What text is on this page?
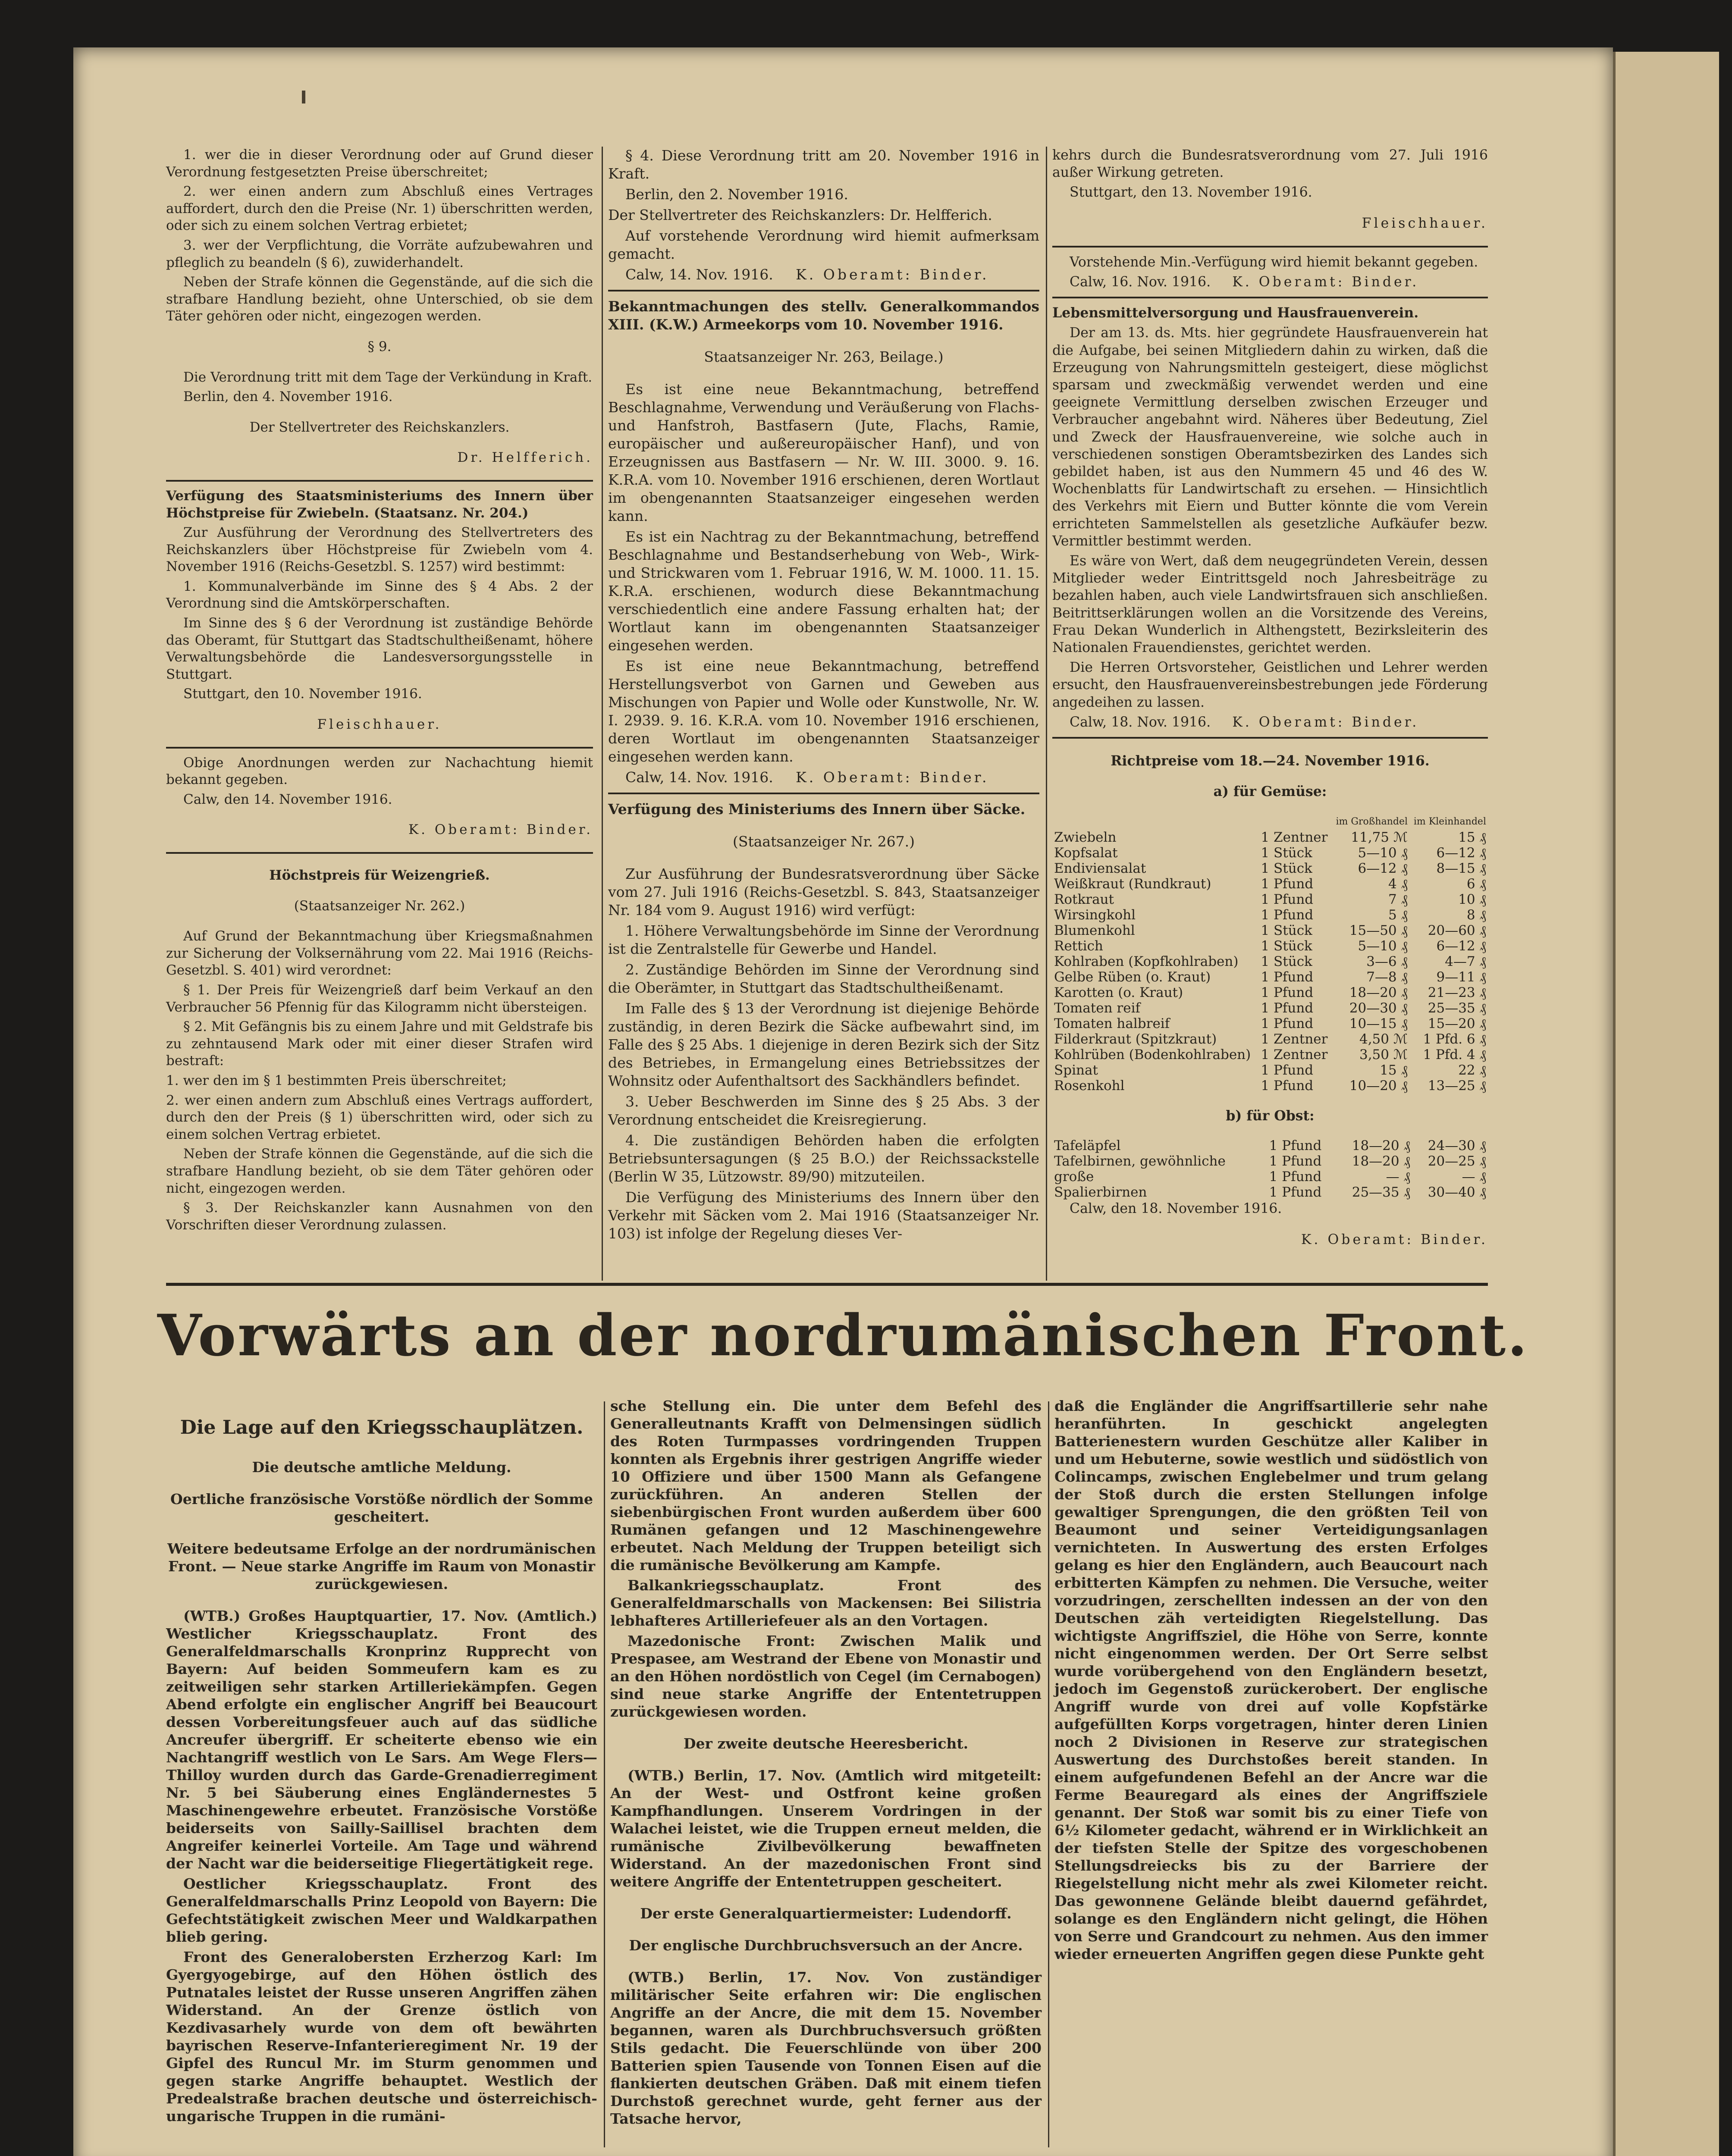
1. wer die in dieser Verordnung oder auf Grund dieser Verordnung festgesetzten Preise überschreitet;

2. wer einen andern zum Abschluß eines Vertrages auffordert, durch den die Preise (Nr. 1) überschritten werden, oder sich zu einem solchen Vertrag erbietet;

3. wer der Verpflichtung, die Vorräte aufzubewahren und pfleglich zu beandeln (§ 6), zuwiderhandelt.

Neben der Strafe können die Gegenstände, auf die sich die strafbare Handlung bezieht, ohne Unterschied, ob sie dem Täter gehören oder nicht, eingezogen werden.

§ 9.

Die Verordnung tritt mit dem Tage der Verkündung in Kraft.

Berlin, den 4. November 1916.

Der Stellvertreter des Reichskanzlers.

Dr. Helfferich.

Verfügung des Staatsministeriums des Innern über Höchstpreise für Zwiebeln. (Staatsanz. Nr. 204.)

Zur Ausführung der Verordnung des Stellvertreters des Reichskanzlers über Höchstpreise für Zwiebeln vom 4. November 1916 (Reichs-Gesetzbl. S. 1257) wird bestimmt:

1. Kommunalverbände im Sinne des § 4 Abs. 2 der Verordnung sind die Amtskörperschaften.

Im Sinne des § 6 der Verordnung ist zuständige Behörde das Oberamt, für Stuttgart das Stadtschultheißenamt, höhere Verwaltungsbehörde die Landesversorgungsstelle in Stuttgart.

Stuttgart, den 10. November 1916.

Fleischhauer.

Obige Anordnungen werden zur Nachachtung hiemit bekannt gegeben.

Calw, den 14. November 1916.

K. Oberamt: Binder.

Höchstpreis für Weizengrieß.

(Staatsanzeiger Nr. 262.)

Auf Grund der Bekanntmachung über Kriegsmaßnahmen zur Sicherung der Volksernährung vom 22. Mai 1916 (Reichs-Gesetzbl. S. 401) wird verordnet:

§ 1. Der Preis für Weizengrieß darf beim Verkauf an den Verbraucher 56 Pfennig für das Kilogramm nicht übersteigen.

§ 2. Mit Gefängnis bis zu einem Jahre und mit Geldstrafe bis zu zehntausend Mark oder mit einer dieser Strafen wird bestraft:

1. wer den im § 1 bestimmten Preis überschreitet;

2. wer einen andern zum Abschluß eines Vertrags auffordert, durch den der Preis (§ 1) überschritten wird, oder sich zu einem solchen Vertrag erbietet.

Neben der Strafe können die Gegenstände, auf die sich die strafbare Handlung bezieht, ob sie dem Täter gehören oder nicht, eingezogen werden.

§ 3. Der Reichskanzler kann Ausnahmen von den Vorschriften dieser Verordnung zulassen.

§ 4. Diese Verordnung tritt am 20. November 1916 in Kraft.

Berlin, den 2. November 1916.

Der Stellvertreter des Reichskanzlers: Dr. Helfferich.

Auf vorstehende Verordnung wird hiemit aufmerksam gemacht.

Calw, 14. Nov. 1916. K. Oberamt: Binder.

Bekanntmachungen des stellv. Generalkommandos XIII. (K.W.) Armeekorps vom 10. November 1916.

Staatsanzeiger Nr. 263, Beilage.)

Es ist eine neue Bekanntmachung, betreffend Beschlagnahme, Verwendung und Veräußerung von Flachs- und Hanfstroh, Bastfasern (Jute, Flachs, Ramie, europäischer und außereuropäischer Hanf), und von Erzeugnissen aus Bastfasern — Nr. W. III. 3000. 9. 16. K.R.A. vom 10. November 1916 erschienen, deren Wortlaut im obengenannten Staatsanzeiger eingesehen werden kann.

Es ist ein Nachtrag zu der Bekanntmachung, betreffend Beschlagnahme und Bestandserhebung von Web-, Wirk- und Strickwaren vom 1. Februar 1916, W. M. 1000. 11. 15. K.R.A. erschienen, wodurch diese Bekanntmachung verschiedentlich eine andere Fassung erhalten hat; der Wortlaut kann im obengenannten Staatsanzeiger eingesehen werden.

Es ist eine neue Bekanntmachung, betreffend Herstellungsverbot von Garnen und Geweben aus Mischungen von Papier und Wolle oder Kunstwolle, Nr. W. I. 2939. 9. 16. K.R.A. vom 10. November 1916 erschienen, deren Wortlaut im obengenannten Staatsanzeiger eingesehen werden kann.

Calw, 14. Nov. 1916. K. Oberamt: Binder.

Verfügung des Ministeriums des Innern über Säcke.

(Staatsanzeiger Nr. 267.)

Zur Ausführung der Bundesratsverordnung über Säcke vom 27. Juli 1916 (Reichs-Gesetzbl. S. 843, Staatsanzeiger Nr. 184 vom 9. August 1916) wird verfügt:

1. Höhere Verwaltungsbehörde im Sinne der Verordnung ist die Zentralstelle für Gewerbe und Handel.

2. Zuständige Behörden im Sinne der Verordnung sind die Oberämter, in Stuttgart das Stadtschultheißenamt.

Im Falle des § 13 der Verordnung ist diejenige Behörde zuständig, in deren Bezirk die Säcke aufbewahrt sind, im Falle des § 25 Abs. 1 diejenige in deren Bezirk sich der Sitz des Betriebes, in Ermangelung eines Betriebssitzes der Wohnsitz oder Aufenthaltsort des Sackhändlers befindet.

3. Ueber Beschwerden im Sinne des § 25 Abs. 3 der Verordnung entscheidet die Kreisregierung.

4. Die zuständigen Behörden haben die erfolgten Betriebsuntersagungen (§ 25 B.O.) der Reichssackstelle (Berlin W 35, Lützowstr. 89/90) mitzuteilen.

Die Verfügung des Ministeriums des Innern über den Verkehr mit Säcken vom 2. Mai 1916 (Staatsanzeiger Nr. 103) ist infolge der Regelung dieses Ver-

kehrs durch die Bundesratsverordnung vom 27. Juli 1916 außer Wirkung getreten.

Stuttgart, den 13. November 1916.

Fleischhauer.

Vorstehende Min.-Verfügung wird hiemit bekannt gegeben.

Calw, 16. Nov. 1916. K. Oberamt: Binder.

Lebensmittelversorgung und Hausfrauenverein.

Der am 13. ds. Mts. hier gegründete Hausfrauenverein hat die Aufgabe, bei seinen Mitgliedern dahin zu wirken, daß die Erzeugung von Nahrungsmitteln gesteigert, diese möglichst sparsam und zweckmäßig verwendet werden und eine geeignete Vermittlung derselben zwischen Erzeuger und Verbraucher angebahnt wird. Näheres über Bedeutung, Ziel und Zweck der Hausfrauenvereine, wie solche auch in verschiedenen sonstigen Oberamtsbezirken des Landes sich gebildet haben, ist aus den Nummern 45 und 46 des W. Wochenblatts für Landwirtschaft zu ersehen. — Hinsichtlich des Verkehrs mit Eiern und Butter könnte die vom Verein errichteten Sammelstellen als gesetzliche Aufkäufer bezw. Vermittler bestimmt werden.

Es wäre von Wert, daß dem neugegründeten Verein, dessen Mitglieder weder Eintrittsgeld noch Jahresbeiträge zu bezahlen haben, auch viele Landwirtsfrauen sich anschließen. Beitrittserklärungen wollen an die Vorsitzende des Vereins, Frau Dekan Wunderlich in Althengstett, Bezirksleiterin des Nationalen Frauendienstes, gerichtet werden.

Die Herren Ortsvorsteher, Geistlichen und Lehrer werden ersucht, den Hausfrauenvereinsbestrebungen jede Förderung angedeihen zu lassen.

Calw, 18. Nov. 1916. K. Oberamt: Binder.

Richtpreise vom 18.—24. November 1916.

a) für Gemüse:

		im Großhandel	im Kleinhandel
Zwiebeln	1 Zentner	11,75 ℳ	15 ₰
Kopfsalat	1 Stück	5—10 ₰	6—12 ₰
Endiviensalat	1 Stück	6—12 ₰	8—15 ₰
Weißkraut (Rundkraut)	1 Pfund	4 ₰	6 ₰
Rotkraut	1 Pfund	7 ₰	10 ₰
Wirsingkohl	1 Pfund	5 ₰	8 ₰
Blumenkohl	1 Stück	15—50 ₰	20—60 ₰
Rettich	1 Stück	5—10 ₰	6—12 ₰
Kohlraben (Kopfkohlraben)	1 Stück	3—6 ₰	4—7 ₰
Gelbe Rüben (o. Kraut)	1 Pfund	7—8 ₰	9—11 ₰
Karotten (o. Kraut)	1 Pfund	18—20 ₰	21—23 ₰
Tomaten reif	1 Pfund	20—30 ₰	25—35 ₰
Tomaten halbreif	1 Pfund	10—15 ₰	15—20 ₰
Filderkraut (Spitzkraut)	1 Zentner	4,50 ℳ	1 Pfd. 6 ₰
Kohlrüben (Bodenkohlraben)	1 Zentner	3,50 ℳ	1 Pfd. 4 ₰
Spinat	1 Pfund	15 ₰	22 ₰
Rosenkohl	1 Pfund	10—20 ₰	13—25 ₰

b) für Obst:

Tafeläpfel	1 Pfund	18—20 ₰	24—30 ₰
Tafelbirnen, gewöhnliche	1 Pfund	18—20 ₰	20—25 ₰
große	1 Pfund	— ₰	— ₰
Spalierbirnen	1 Pfund	25—35 ₰	30—40 ₰

Calw, den 18. November 1916.

K. Oberamt: Binder.

Vorwärts an der nordrumänischen Front.

Die Lage auf den Kriegsschauplätzen.

Die deutsche amtliche Meldung.

Oertliche französische Vorstöße nördlich der Somme gescheitert.

Weitere bedeutsame Erfolge an der nordrumänischen Front. — Neue starke Angriffe im Raum von Monastir zurückgewiesen.

(WTB.) Großes Hauptquartier, 17. Nov. (Amtlich.) Westlicher Kriegsschauplatz. Front des Generalfeldmarschalls Kronprinz Rupprecht von Bayern: Auf beiden Sommeufern kam es zu zeitweiligen sehr starken Artilleriekämpfen. Gegen Abend erfolgte ein englischer Angriff bei Beaucourt dessen Vorbereitungsfeuer auch auf das südliche Ancreufer übergriff. Er scheiterte ebenso wie ein Nachtangriff westlich von Le Sars. Am Wege Flers—Thilloy wurden durch das Garde-Grenadierregiment Nr. 5 bei Säuberung eines Engländernestes 5 Maschinengewehre erbeutet. Französische Vorstöße beiderseits von Sailly-Saillisel brachten dem Angreifer keinerlei Vorteile. Am Tage und während der Nacht war die beiderseitige Fliegertätigkeit rege.

Oestlicher Kriegsschauplatz. Front des Generalfeldmarschalls Prinz Leopold von Bayern: Die Gefechtstätigkeit zwischen Meer und Waldkarpathen blieb gering.

Front des Generalobersten Erzherzog Karl: Im Gyergyogebirge, auf den Höhen östlich des Putnatales leistet der Russe unseren Angriffen zähen Widerstand. An der Grenze östlich von Kezdivasarhely wurde von dem oft bewährten bayrischen Reserve-Infanterieregiment Nr. 19 der Gipfel des Runcul Mr. im Sturm genommen und gegen starke Angriffe behauptet. Westlich der Predealstraße brachen deutsche und österreichisch-ungarische Truppen in die rumäni-

sche Stellung ein. Die unter dem Befehl des Generalleutnants Krafft von Delmensingen südlich des Roten Turmpasses vordringenden Truppen konnten als Ergebnis ihrer gestrigen Angriffe wieder 10 Offiziere und über 1500 Mann als Gefangene zurückführen. An anderen Stellen der siebenbürgischen Front wurden außerdem über 600 Rumänen gefangen und 12 Maschinengewehre erbeutet. Nach Meldung der Truppen beteiligt sich die rumänische Bevölkerung am Kampfe.

Balkankriegsschauplatz. Front des Generalfeldmarschalls von Mackensen: Bei Silistria lebhafteres Artilleriefeuer als an den Vortagen.

Mazedonische Front: Zwischen Malik und Prespasee, am Westrand der Ebene von Monastir und an den Höhen nordöstlich von Cegel (im Cernabogen) sind neue starke Angriffe der Ententetruppen zurückgewiesen worden.

Der zweite deutsche Heeresbericht.

(WTB.) Berlin, 17. Nov. (Amtlich wird mitgeteilt: An der West- und Ostfront keine großen Kampfhandlungen. Unserem Vordringen in der Walachei leistet, wie die Truppen erneut melden, die rumänische Zivilbevölkerung bewaffneten Widerstand. An der mazedonischen Front sind weitere Angriffe der Ententetruppen gescheitert.

Der erste Generalquartiermeister: Ludendorff.

Der englische Durchbruchsversuch an der Ancre.

(WTB.) Berlin, 17. Nov. Von zuständiger militärischer Seite erfahren wir: Die englischen Angriffe an der Ancre, die mit dem 15. November begannen, waren als Durchbruchsversuch größten Stils gedacht. Die Feuerschlünde von über 200 Batterien spien Tausende von Tonnen Eisen auf die flankierten deutschen Gräben. Daß mit einem tiefen Durchstoß gerechnet wurde, geht ferner aus der Tatsache hervor,

daß die Engländer die Angriffsartillerie sehr nahe heranführten. In geschickt angelegten Batterienestern wurden Geschütze aller Kaliber in und um Hebuterne, sowie westlich und südöstlich von Colincamps, zwischen Englebelmer und trum gelang der Stoß durch die ersten Stellungen infolge gewaltiger Sprengungen, die den größten Teil von Beaumont und seiner Verteidigungsanlagen vernichteten. In Auswertung des ersten Erfolges gelang es hier den Engländern, auch Beaucourt nach erbitterten Kämpfen zu nehmen. Die Versuche, weiter vorzudringen, zerschellten indessen an der von den Deutschen zäh verteidigten Riegelstellung. Das wichtigste Angriffsziel, die Höhe von Serre, konnte nicht eingenommen werden. Der Ort Serre selbst wurde vorübergehend von den Engländern besetzt, jedoch im Gegenstoß zurückerobert. Der englische Angriff wurde von drei auf volle Kopfstärke aufgefüllten Korps vorgetragen, hinter deren Linien noch 2 Divisionen in Reserve zur strategischen Auswertung des Durchstoßes bereit standen. In einem aufgefundenen Befehl an der Ancre war die Ferme Beauregard als eines der Angriffsziele genannt. Der Stoß war somit bis zu einer Tiefe von 6½ Kilometer gedacht, während er in Wirklichkeit an der tiefsten Stelle der Spitze des vorgeschobenen Stellungsdreiecks bis zu der Barriere der Riegelstellung nicht mehr als zwei Kilometer reicht. Das gewonnene Gelände bleibt dauernd gefährdet, solange es den Engländern nicht gelingt, die Höhen von Serre und Grandcourt zu nehmen. Aus den immer wieder erneuerten Angriffen gegen diese Punkte geht
